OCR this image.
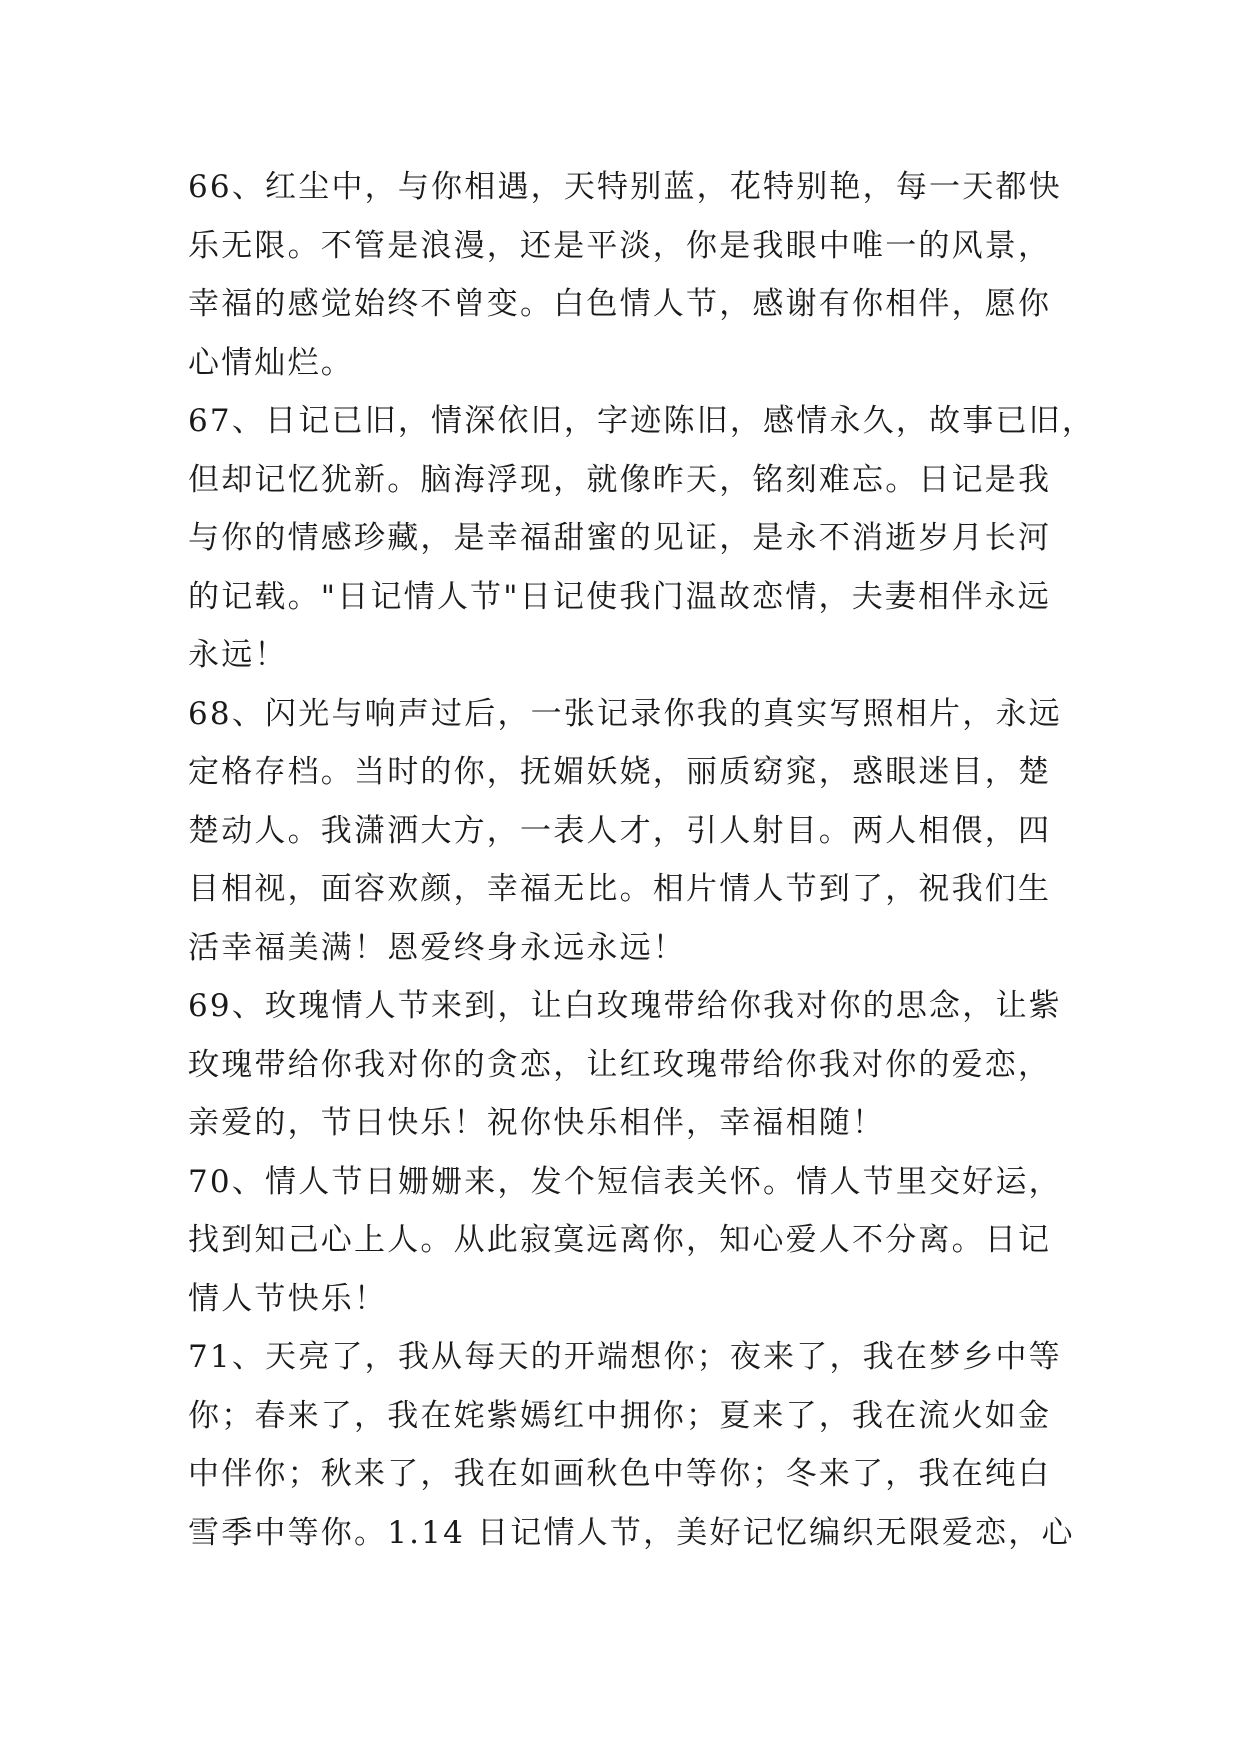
66、红尘中，与你相遇，天特别蓝，花特别艳，每一天都快
乐无限。不管是浪漫，还是平淡，你是我眼中唯一的风景，
幸福的感觉始终不曾变。白色情人节，感谢有你相伴，愿你
心情灿烂。
67、日记已旧，情深依旧，字迹陈旧，感情永久，故事已旧，
但却记忆犹新。脑海浮现，就像昨天，铭刻难忘。日记是我
与你的情感珍藏，是幸福甜蜜的见证，是永不消逝岁月长河
的记载。"日记情人节"日记使我门温故恋情，夫妻相伴永远
永远！
68、闪光与响声过后，一张记录你我的真实写照相片，永远
定格存档。当时的你，抚媚妖娆，丽质窈窕，惑眼迷目，楚
楚动人。我潇洒大方，一表人才，引人射目。两人相偎，四
目相视，面容欢颜，幸福无比。相片情人节到了，祝我们生
活幸福美满！恩爱终身永远永远！
69、玫瑰情人节来到，让白玫瑰带给你我对你的思念，让紫
玫瑰带给你我对你的贪恋，让红玫瑰带给你我对你的爱恋，
亲爱的，节日快乐！祝你快乐相伴，幸福相随！
70、情人节日姗姗来，发个短信表关怀。情人节里交好运，
找到知己心上人。从此寂寞远离你，知心爱人不分离。日记
情人节快乐！
71、天亮了，我从每天的开端想你；夜来了，我在梦乡中等
你；春来了，我在姹紫嫣红中拥你；夏来了，我在流火如金
中伴你；秋来了，我在如画秋色中等你；冬来了，我在纯白
雪季中等你。1.14 日记情人节，美好记忆编织无限爱恋，心
